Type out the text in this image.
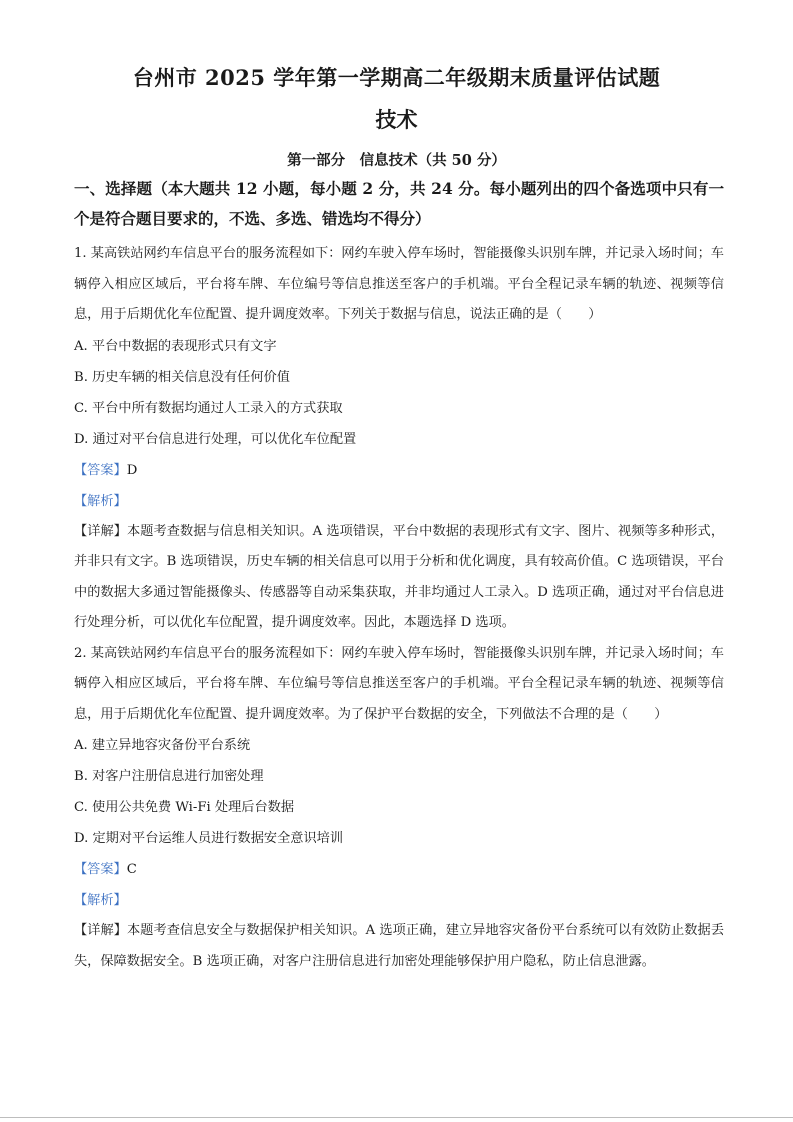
台州市 2025 学年第一学期高二年级期末质量评估试题
技术
第一部分　信息技术（共 50 分）

一、选择题（本大题共 12 小题，每小题 2 分，共 24 分。每小题列出的四个备选项中只有一个是符合题目要求的，不选、多选、错选均不得分）

1. 某高铁站网约车信息平台的服务流程如下：网约车驶入停车场时，智能摄像头识别车牌，并记录入场时间；车辆停入相应区域后，平台将车牌、车位编号等信息推送至客户的手机端。平台全程记录车辆的轨迹、视频等信息，用于后期优化车位配置、提升调度效率。下列关于数据与信息，说法正确的是（　　）

A. 平台中数据的表现形式只有文字

B. 历史车辆的相关信息没有任何价值

C. 平台中所有数据均通过人工录入的方式获取

D. 通过对平台信息进行处理，可以优化车位配置

【答案】D

【解析】

【详解】本题考查数据与信息相关知识。A 选项错误，平台中数据的表现形式有文字、图片、视频等多种形式，并非只有文字。B 选项错误，历史车辆的相关信息可以用于分析和优化调度，具有较高价值。C 选项错误，平台中的数据大多通过智能摄像头、传感器等自动采集获取，并非均通过人工录入。D 选项正确，通过对平台信息进行处理分析，可以优化车位配置，提升调度效率。因此，本题选择 D 选项。

2. 某高铁站网约车信息平台的服务流程如下：网约车驶入停车场时，智能摄像头识别车牌，并记录入场时间；车辆停入相应区域后，平台将车牌、车位编号等信息推送至客户的手机端。平台全程记录车辆的轨迹、视频等信息，用于后期优化车位配置、提升调度效率。为了保护平台数据的安全，下列做法不合理的是（　　）

A. 建立异地容灾备份平台系统

B. 对客户注册信息进行加密处理

C. 使用公共免费 Wi-Fi 处理后台数据

D. 定期对平台运维人员进行数据安全意识培训

【答案】C

【解析】

【详解】本题考查信息安全与数据保护相关知识。A 选项正确，建立异地容灾备份平台系统可以有效防止数据丢失，保障数据安全。B 选项正确，对客户注册信息进行加密处理能够保护用户隐私，防止信息泄露。
